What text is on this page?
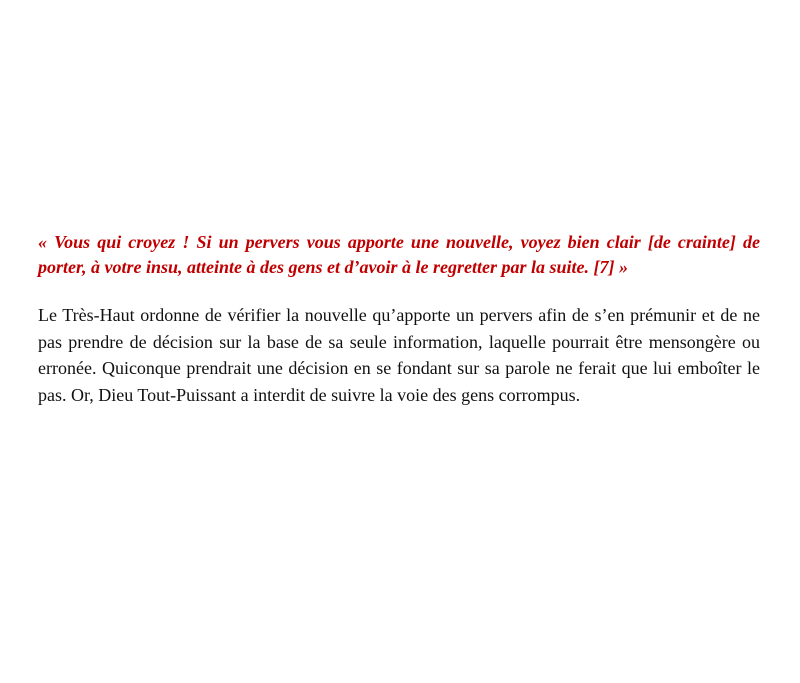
« Vous qui croyez ! Si un pervers vous apporte une nouvelle, voyez bien clair [de crainte] de porter, à votre insu, atteinte à des gens et d’avoir à le regretter par la suite. [7] »

Le Très-Haut ordonne de vérifier la nouvelle qu’apporte un pervers afin de s’en prémunir et de ne pas prendre de décision sur la base de sa seule information, laquelle pourrait être mensongère ou erronée. Quiconque prendrait une décision en se fondant sur sa parole ne ferait que lui emboîter le pas. Or, Dieu Tout-Puissant a interdit de suivre la voie des gens corrompus.
